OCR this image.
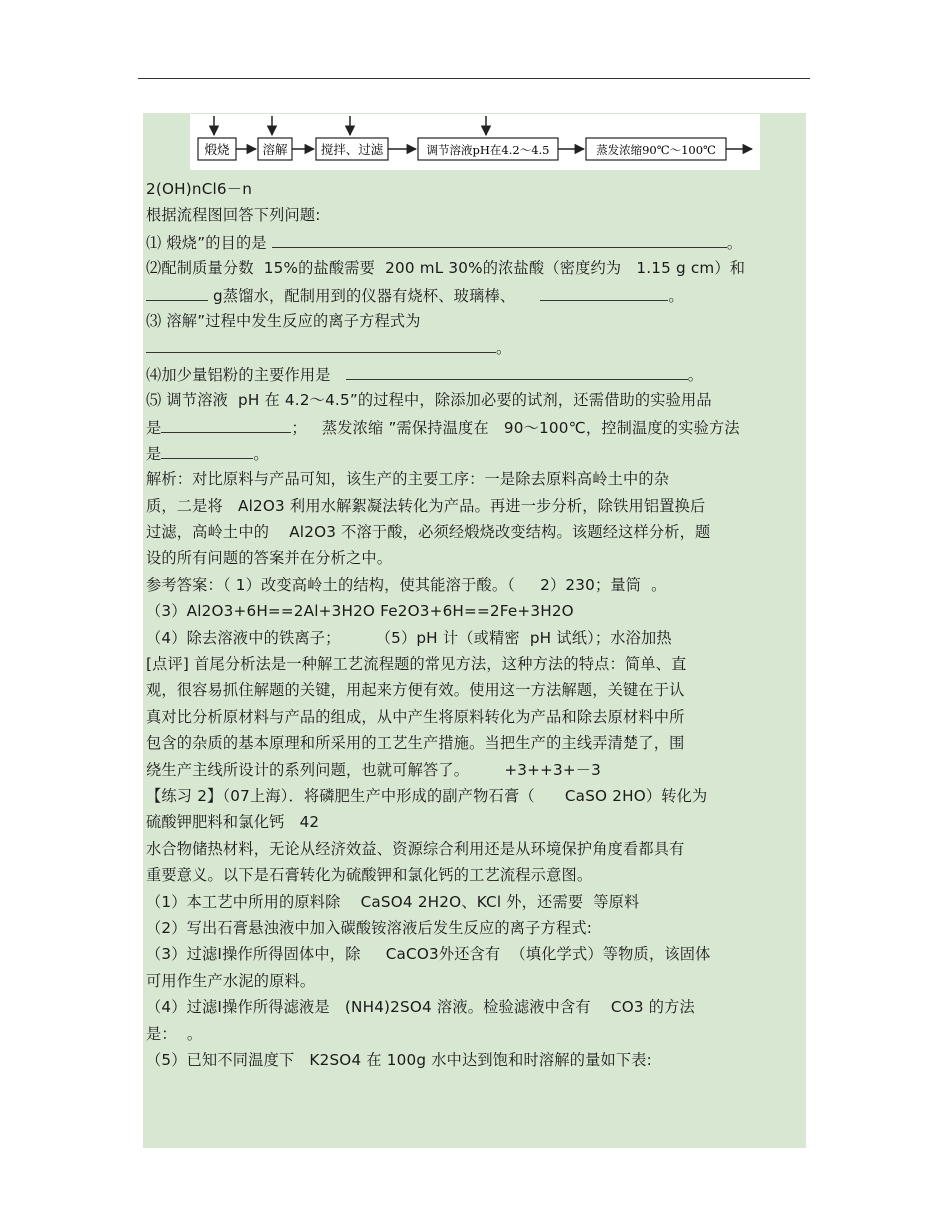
煅烧	溶解	搅拌、过滤	调节溶液pH在4.2～4.5	蒸发浓缩90℃～100℃
2(OH)nCl6－n
根据流程图回答下列问题:
⑴ 煅烧”的目的是	。
⑵配制质量分数  15%的盐酸需要  200 mL 30%的浓盐酸（密度约为   1.15 g cm）和
g蒸馏水，配制用到的仪器有烧杯、玻璃棒、	。
⑶ 溶解”过程中发生反应的离子方程式为
。
⑷加少量铝粉的主要作用是	。
⑸ 调节溶液  pH 在 4.2～4.5”的过程中，除添加必要的试剂，还需借助的实验用品
是	；   蒸发浓缩 ”需保持温度在   90～100℃，控制温度的实验方法
是	。
解析：对比原料与产品可知，该生产的主要工序：一是除去原料高岭土中的杂
质，二是将   Al2O3 利用水解絮凝法转化为产品。再进一步分析，除铁用铝置换后
过滤，高岭土中的    Al2O3 不溶于酸，必须经煅烧改变结构。该题经这样分析，题
设的所有问题的答案并在分析之中。
参考答案：（ 1）改变高岭土的结构，使其能溶于酸。（     2）230；量筒  。
（3）Al2O3+6H==2Al+3H2O Fe2O3+6H==2Fe+3H2O
（4）除去溶液中的铁离子；       （5）pH 计（或精密  pH 试纸）；水浴加热
[点评] 首尾分析法是一种解工艺流程题的常见方法，这种方法的特点：简单、直
观，很容易抓住解题的关键，用起来方便有效。使用这一方法解题，关键在于认
真对比分析原材料与产品的组成，从中产生将原料转化为产品和除去原材料中所
包含的杂质的基本原理和所采用的工艺生产措施。当把生产的主线弄清楚了，围
绕生产主线所设计的系列问题，也就可解答了。       +3++3+－3
【练习 2】（07上海）．将磷肥生产中形成的副产物石膏（      CaSO 2HO）转化为
硫酸钾肥料和氯化钙   42
水合物储热材料，无论从经济效益、资源综合利用还是从环境保护角度看都具有
重要意义。以下是石膏转化为硫酸钾和氯化钙的工艺流程示意图。
（1）本工艺中所用的原料除    CaSO4 2H2O、KCl 外，还需要  等原料
（2）写出石膏悬浊液中加入碳酸铵溶液后发生反应的离子方程式:
（3）过滤Ⅰ操作所得固体中，除     CaCO3外还含有  （填化学式）等物质，该固体
可用作生产水泥的原料。
（4）过滤Ⅰ操作所得滤液是   (NH4)2SO4 溶液。检验滤液中含有    CO3 的方法
是：  。
（5）已知不同温度下   K2SO4 在 100g 水中达到饱和时溶解的量如下表:
